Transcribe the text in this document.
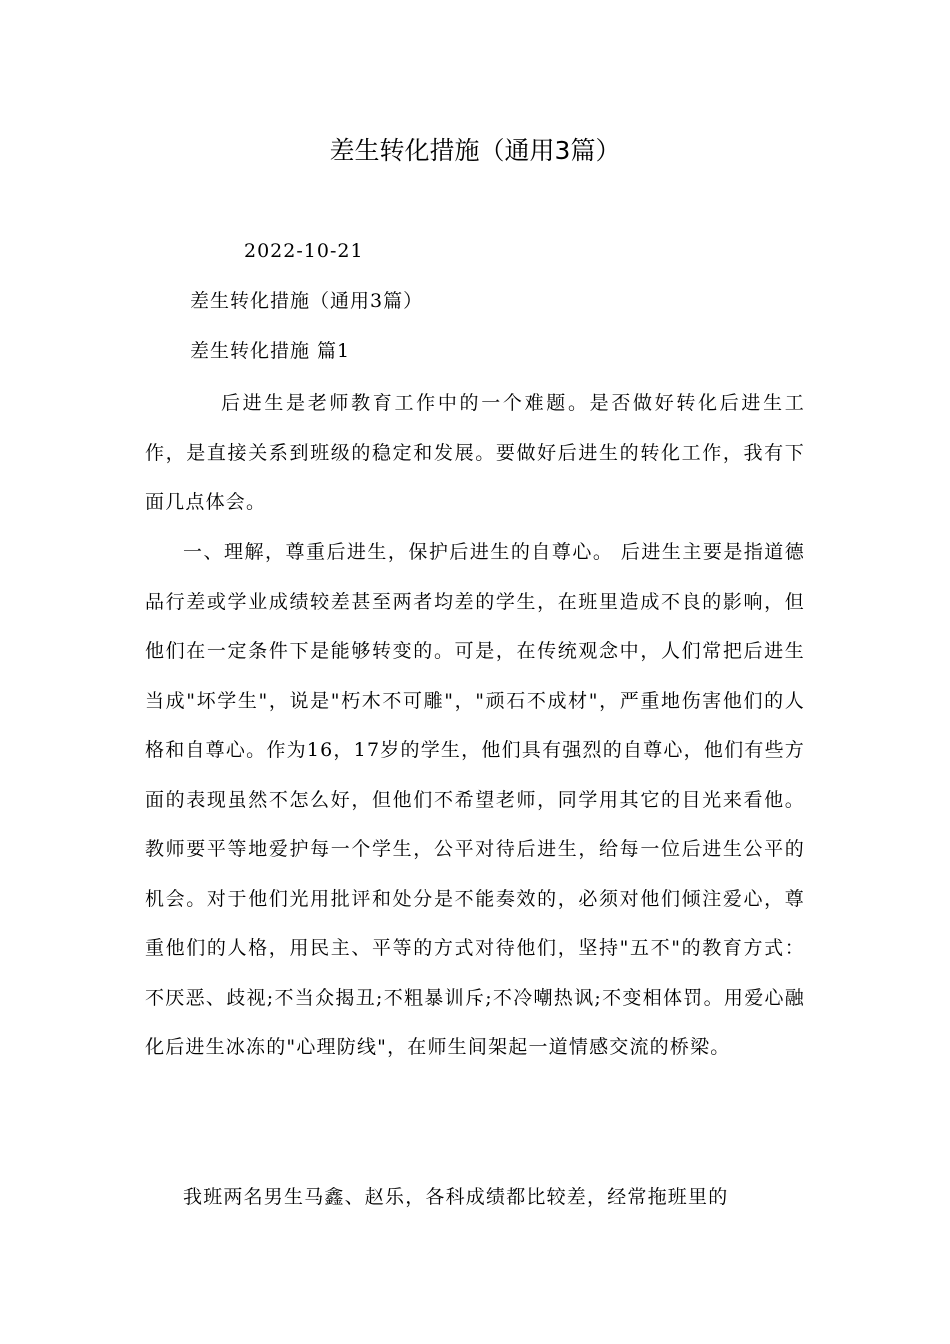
差生转化措施（通用3篇）

2022-10-21

差生转化措施（通用3篇）

差生转化措施 篇1

后进生是老师教育工作中的一个难题。是否做好转化后进生工作，是直接关系到班级的稳定和发展。要做好后进生的转化工作，我有下面几点体会。

一、理解，尊重后进生，保护后进生的自尊心。 后进生主要是指道德品行差或学业成绩较差甚至两者均差的学生，在班里造成不良的影响，但他们在一定条件下是能够转变的。可是，在传统观念中，人们常把后进生当成"坏学生"，说是"朽木不可雕"，"顽石不成材"，严重地伤害他们的人格和自尊心。作为16，17岁的学生，他们具有强烈的自尊心，他们有些方面的表现虽然不怎么好，但他们不希望老师，同学用其它的目光来看他。教师要平等地爱护每一个学生，公平对待后进生，给每一位后进生公平的机会。对于他们光用批评和处分是不能奏效的，必须对他们倾注爱心，尊重他们的人格，用民主、平等的方式对待他们，坚持"五不"的教育方式：不厌恶、歧视;不当众揭丑;不粗暴训斥;不冷嘲热讽;不变相体罚。用爱心融化后进生冰冻的"心理防线"，在师生间架起一道情感交流的桥梁。

我班两名男生马鑫、赵乐，各科成绩都比较差，经常拖班里的
